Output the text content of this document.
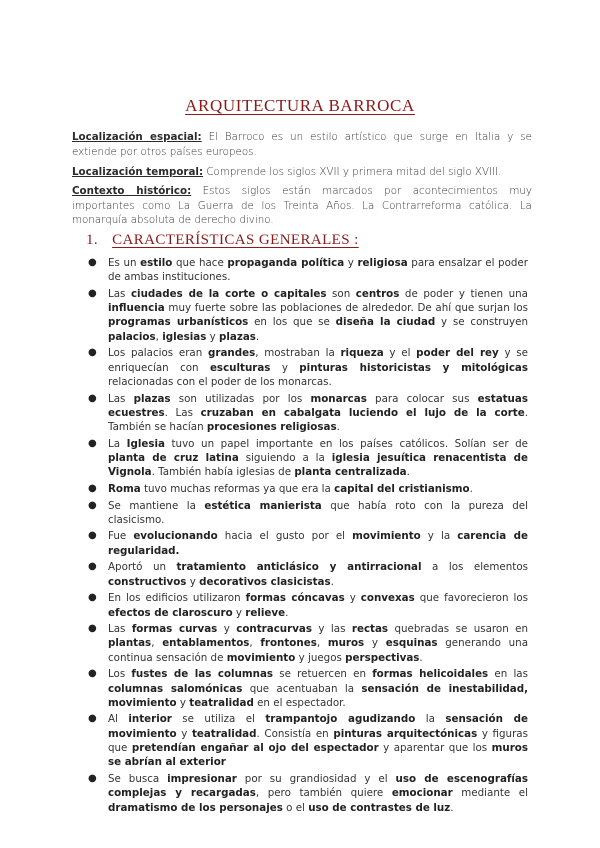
ARQUITECTURA BARROCA
Localización espacial: El Barroco es un estilo artístico que surge en Italia y se extiende por otros países europeos.
Localización temporal: Comprende los siglos XVII y primera mitad del siglo XVIII.
Contexto histórico: Estos siglos están marcados por acontecimientos muy importantes como La Guerra de los Treinta Años. La Contrarreforma católica. La monarquía absoluta de derecho divino.
1. CARACTERÍSTICAS GENERALES :
● Es un estilo que hace propaganda política y religiosa para ensalzar el poder de ambas instituciones.
● Las ciudades de la corte o capitales son centros de poder y tienen una influencia muy fuerte sobre las poblaciones de alrededor. De ahí que surjan los programas urbanísticos en los que se diseña la ciudad y se construyen palacios, iglesias y plazas.
● Los palacios eran grandes, mostraban la riqueza y el poder del rey y se enriquecían con esculturas y pinturas historicistas y mitológicas relacionadas con el poder de los monarcas.
● Las plazas son utilizadas por los monarcas para colocar sus estatuas ecuestres. Las cruzaban en cabalgata luciendo el lujo de la corte. También se hacían procesiones religiosas.
● La Iglesia tuvo un papel importante en los países católicos. Solían ser de planta de cruz latina siguiendo a la iglesia jesuítica renacentista de Vignola. También había iglesias de planta centralizada.
● Roma tuvo muchas reformas ya que era la capital del cristianismo.
● Se mantiene la estética manierista que había roto con la pureza del clasicismo.
● Fue evolucionando hacia el gusto por el movimiento y la carencia de regularidad.
● Aportó un tratamiento anticlásico y antirracional a los elementos constructivos y decorativos clasicistas.
● En los edificios utilizaron formas cóncavas y convexas que favorecieron los efectos de claroscuro y relieve.
● Las formas curvas y contracurvas y las rectas quebradas se usaron en plantas, entablamentos, frontones, muros y esquinas generando una continua sensación de movimiento y juegos perspectivas.
● Los fustes de las columnas se retuercen en formas helicoidales en las columnas salomónicas que acentuaban la sensación de inestabilidad, movimiento y teatralidad en el espectador.
● Al interior se utiliza el trampantojo agudizando la sensación de movimiento y teatralidad. Consistía en pinturas arquitectónicas y figuras que pretendían engañar al ojo del espectador y aparentar que los muros se abrían al exterior
● Se busca impresionar por su grandiosidad y el uso de escenografías complejas y recargadas, pero también quiere emocionar mediante el dramatismo de los personajes o el uso de contrastes de luz.
